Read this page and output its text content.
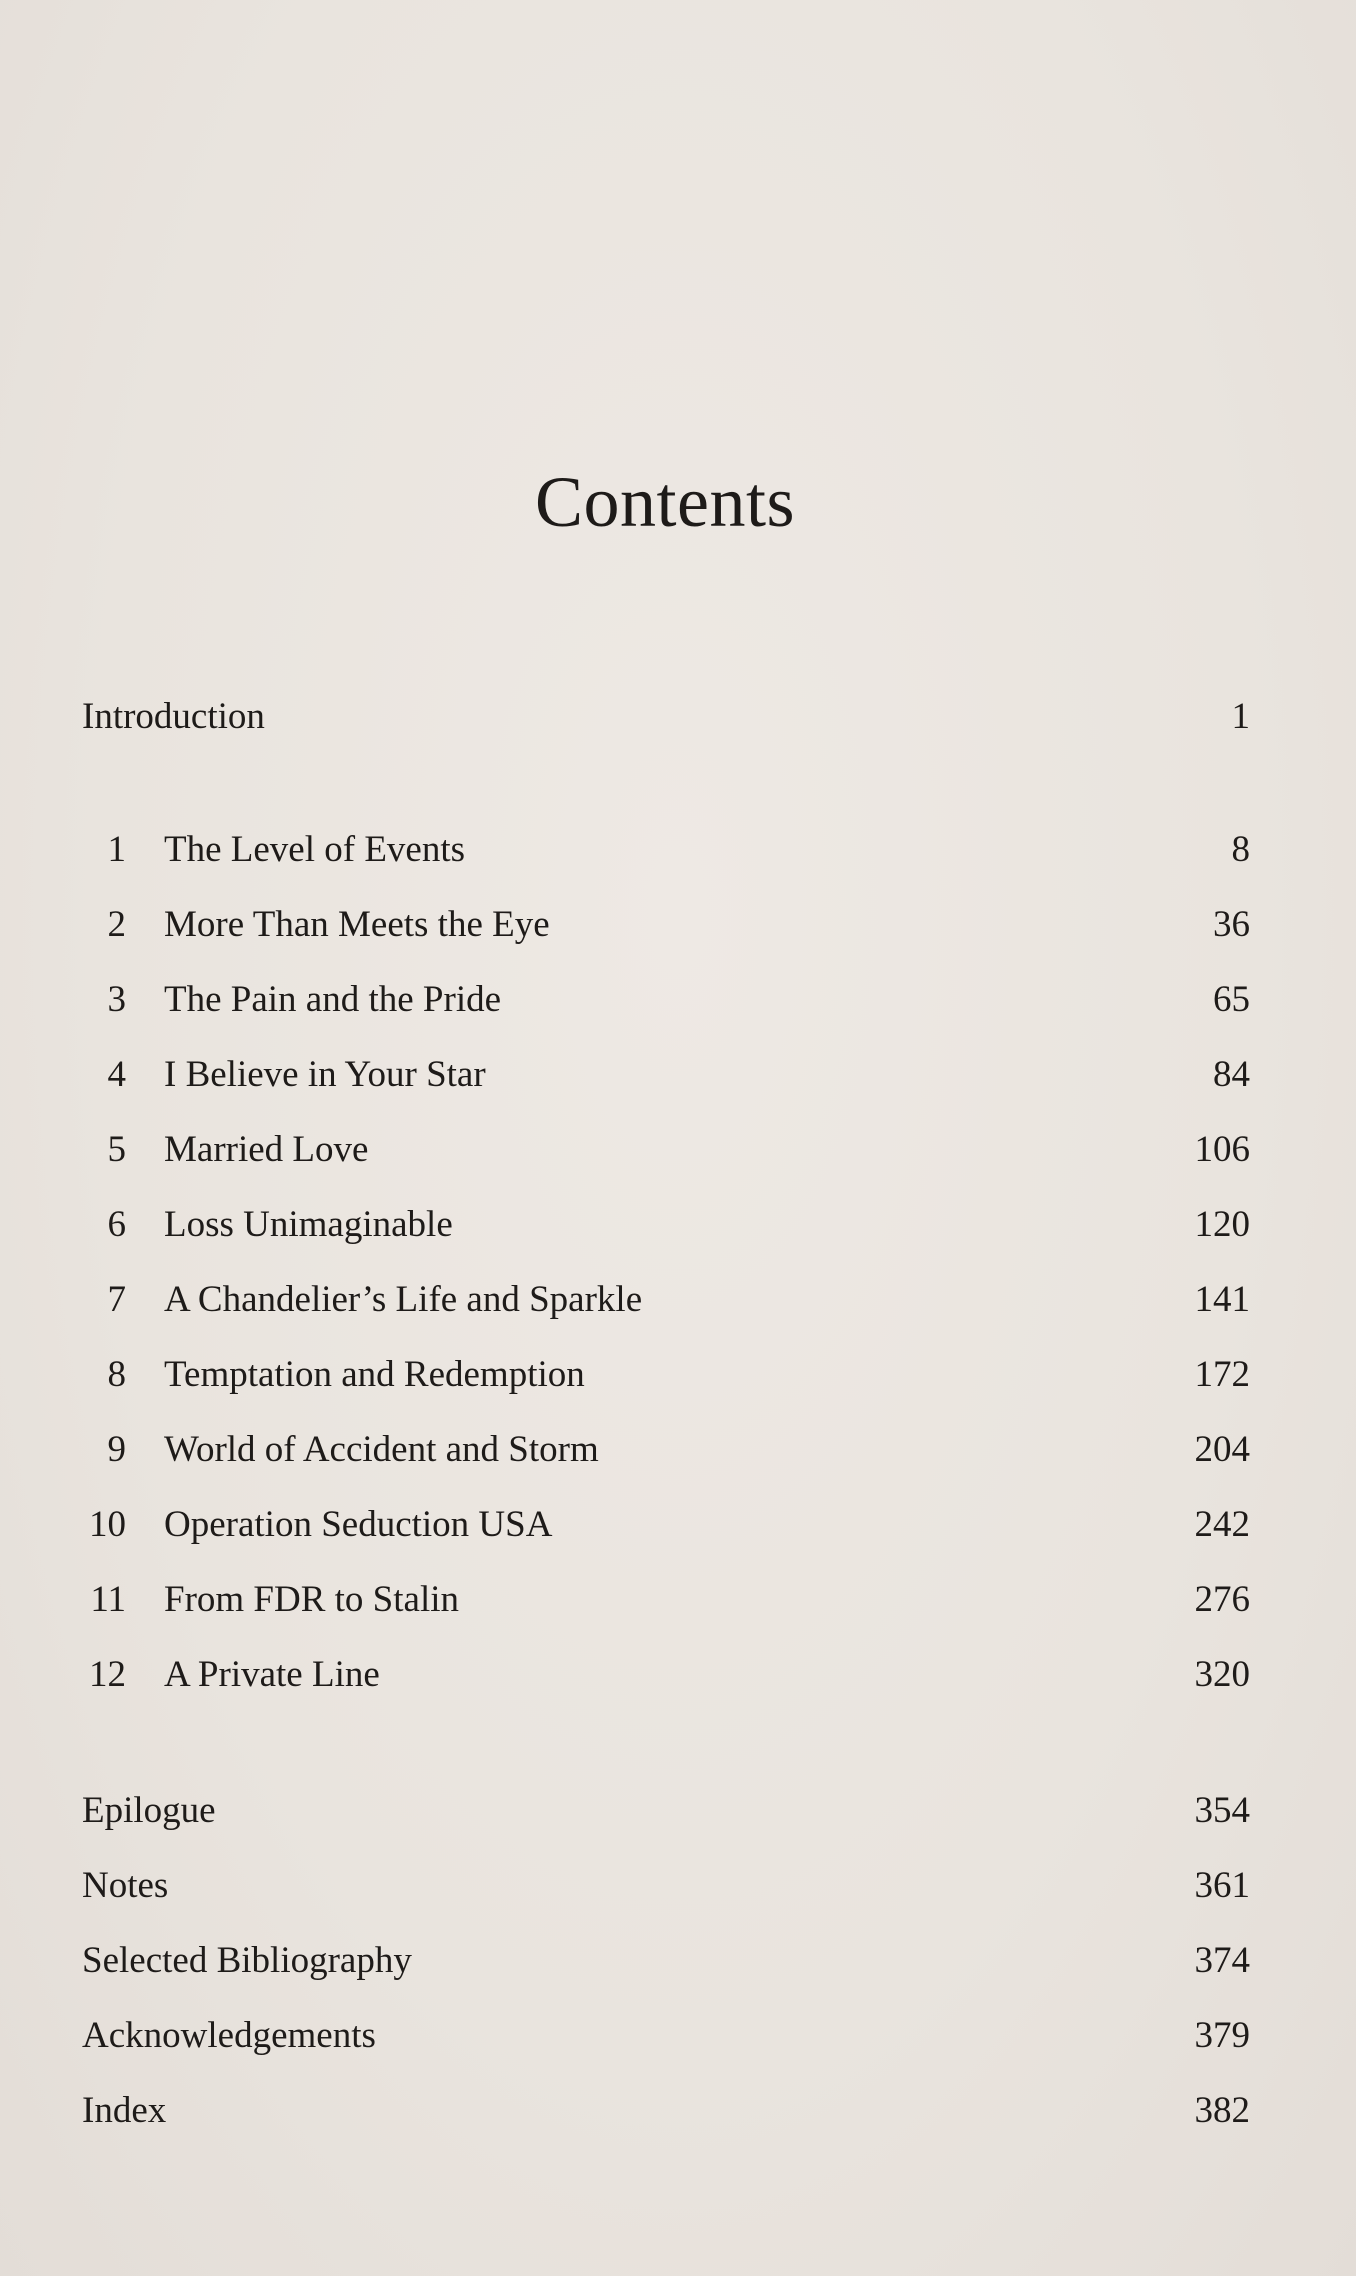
Contents
Introduction	1
1 The Level of Events	8
2 More Than Meets the Eye	36
3 The Pain and the Pride	65
4 I Believe in Your Star	84
5 Married Love	106
6 Loss Unimaginable	120
7 A Chandelier’s Life and Sparkle	141
8 Temptation and Redemption	172
9 World of Accident and Storm	204
10 Operation Seduction USA	242
11 From FDR to Stalin	276
12 A Private Line	320
Epilogue	354
Notes	361
Selected Bibliography	374
Acknowledgements	379
Index	382
